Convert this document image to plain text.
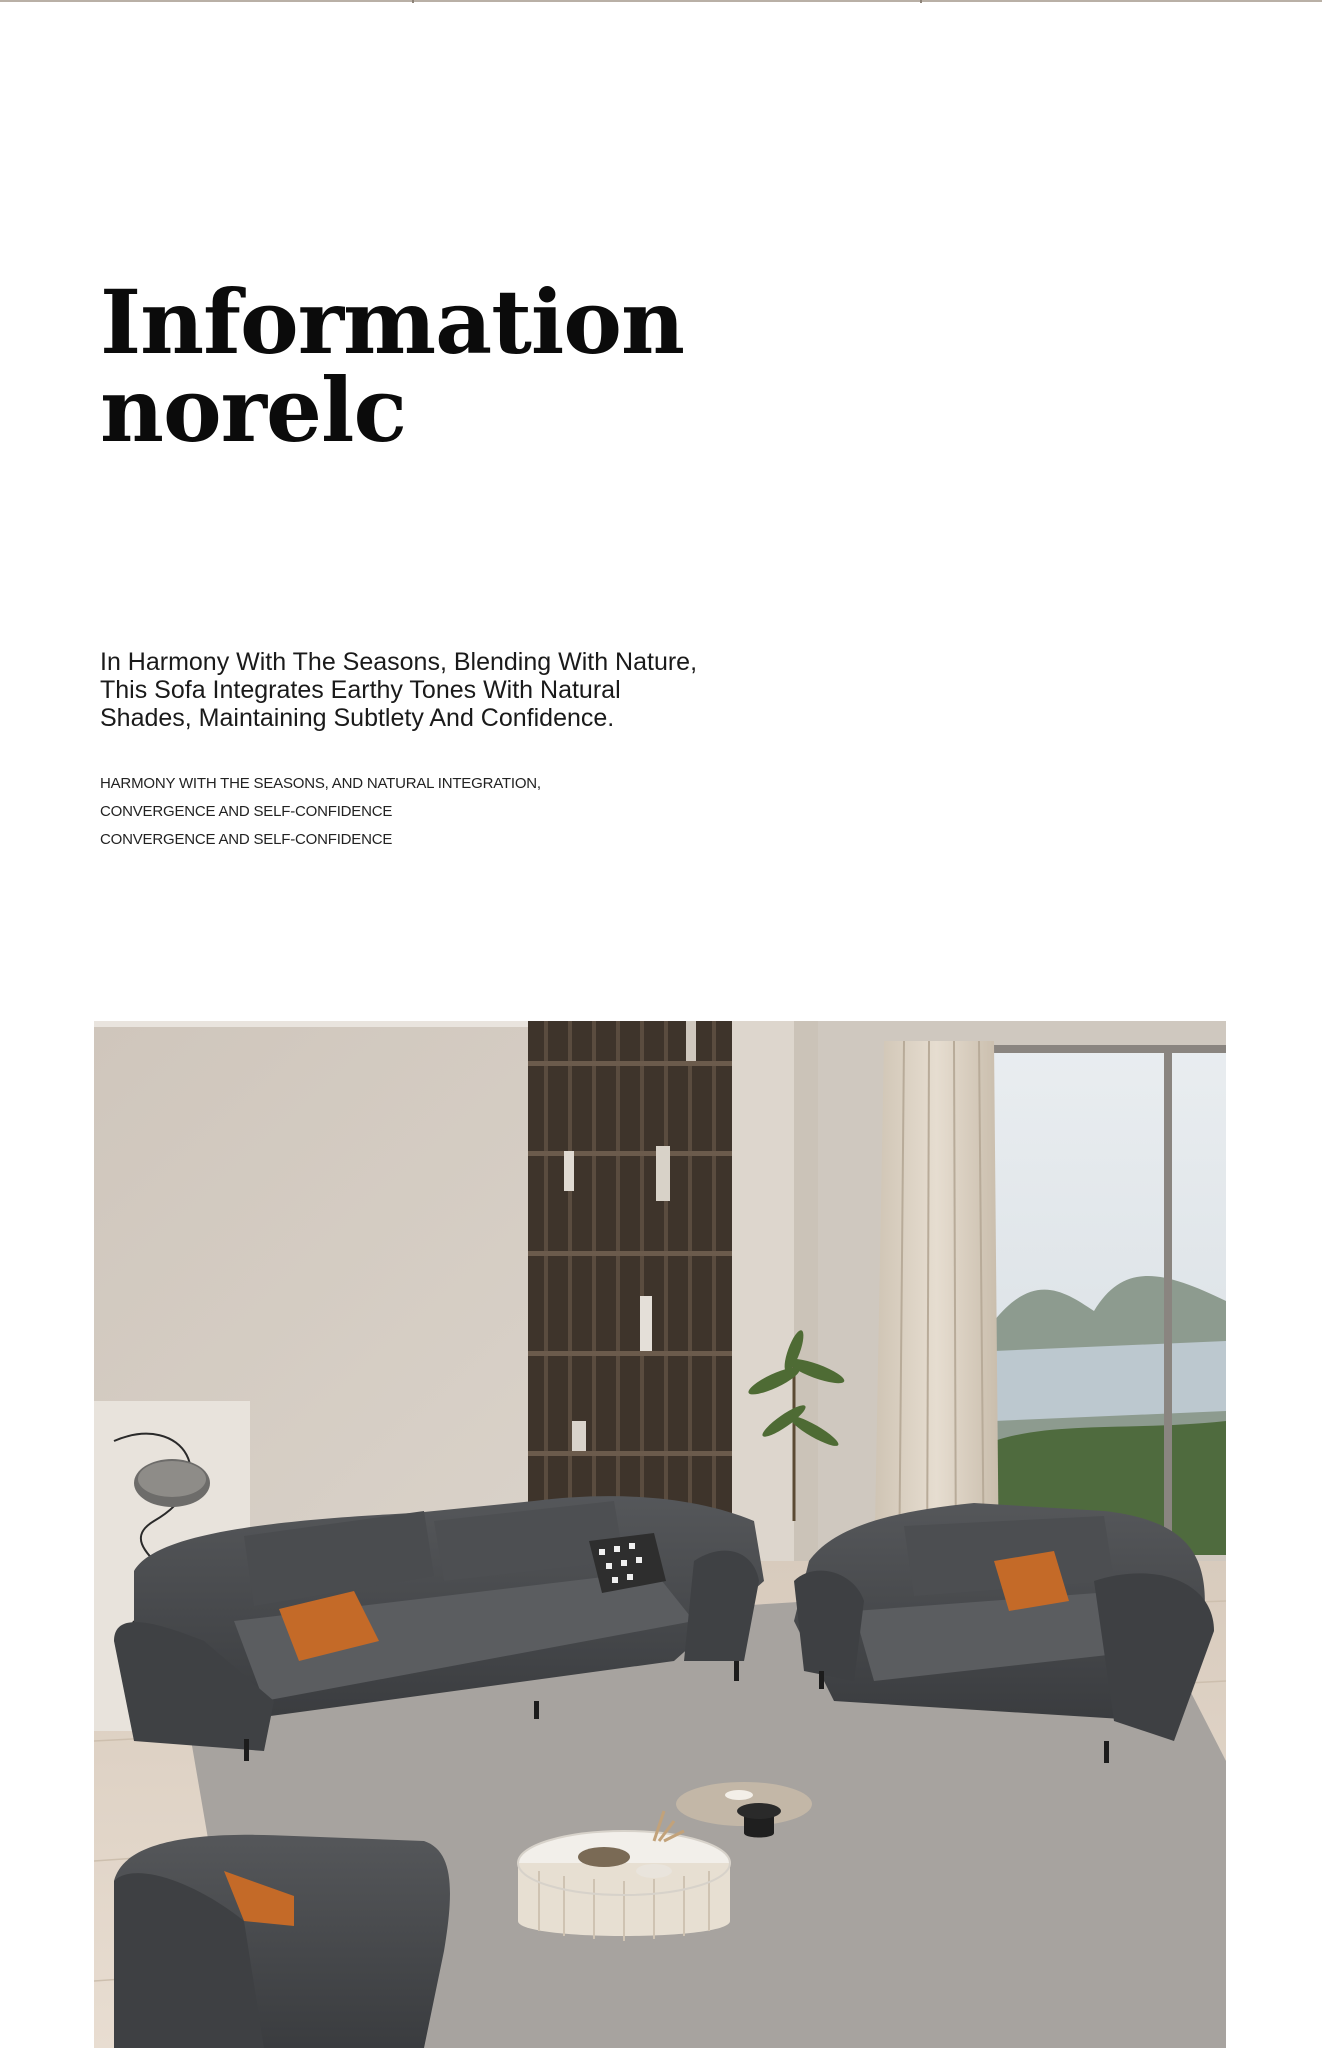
Information
norelc

In Harmony With The Seasons, Blending With Nature,
This Sofa Integrates Earthy Tones With Natural
Shades, Maintaining Subtlety And Confidence.

HARMONY WITH THE SEASONS, AND NATURAL INTEGRATION,
CONVERGENCE AND SELF-CONFIDENCE
CONVERGENCE AND SELF-CONFIDENCE
